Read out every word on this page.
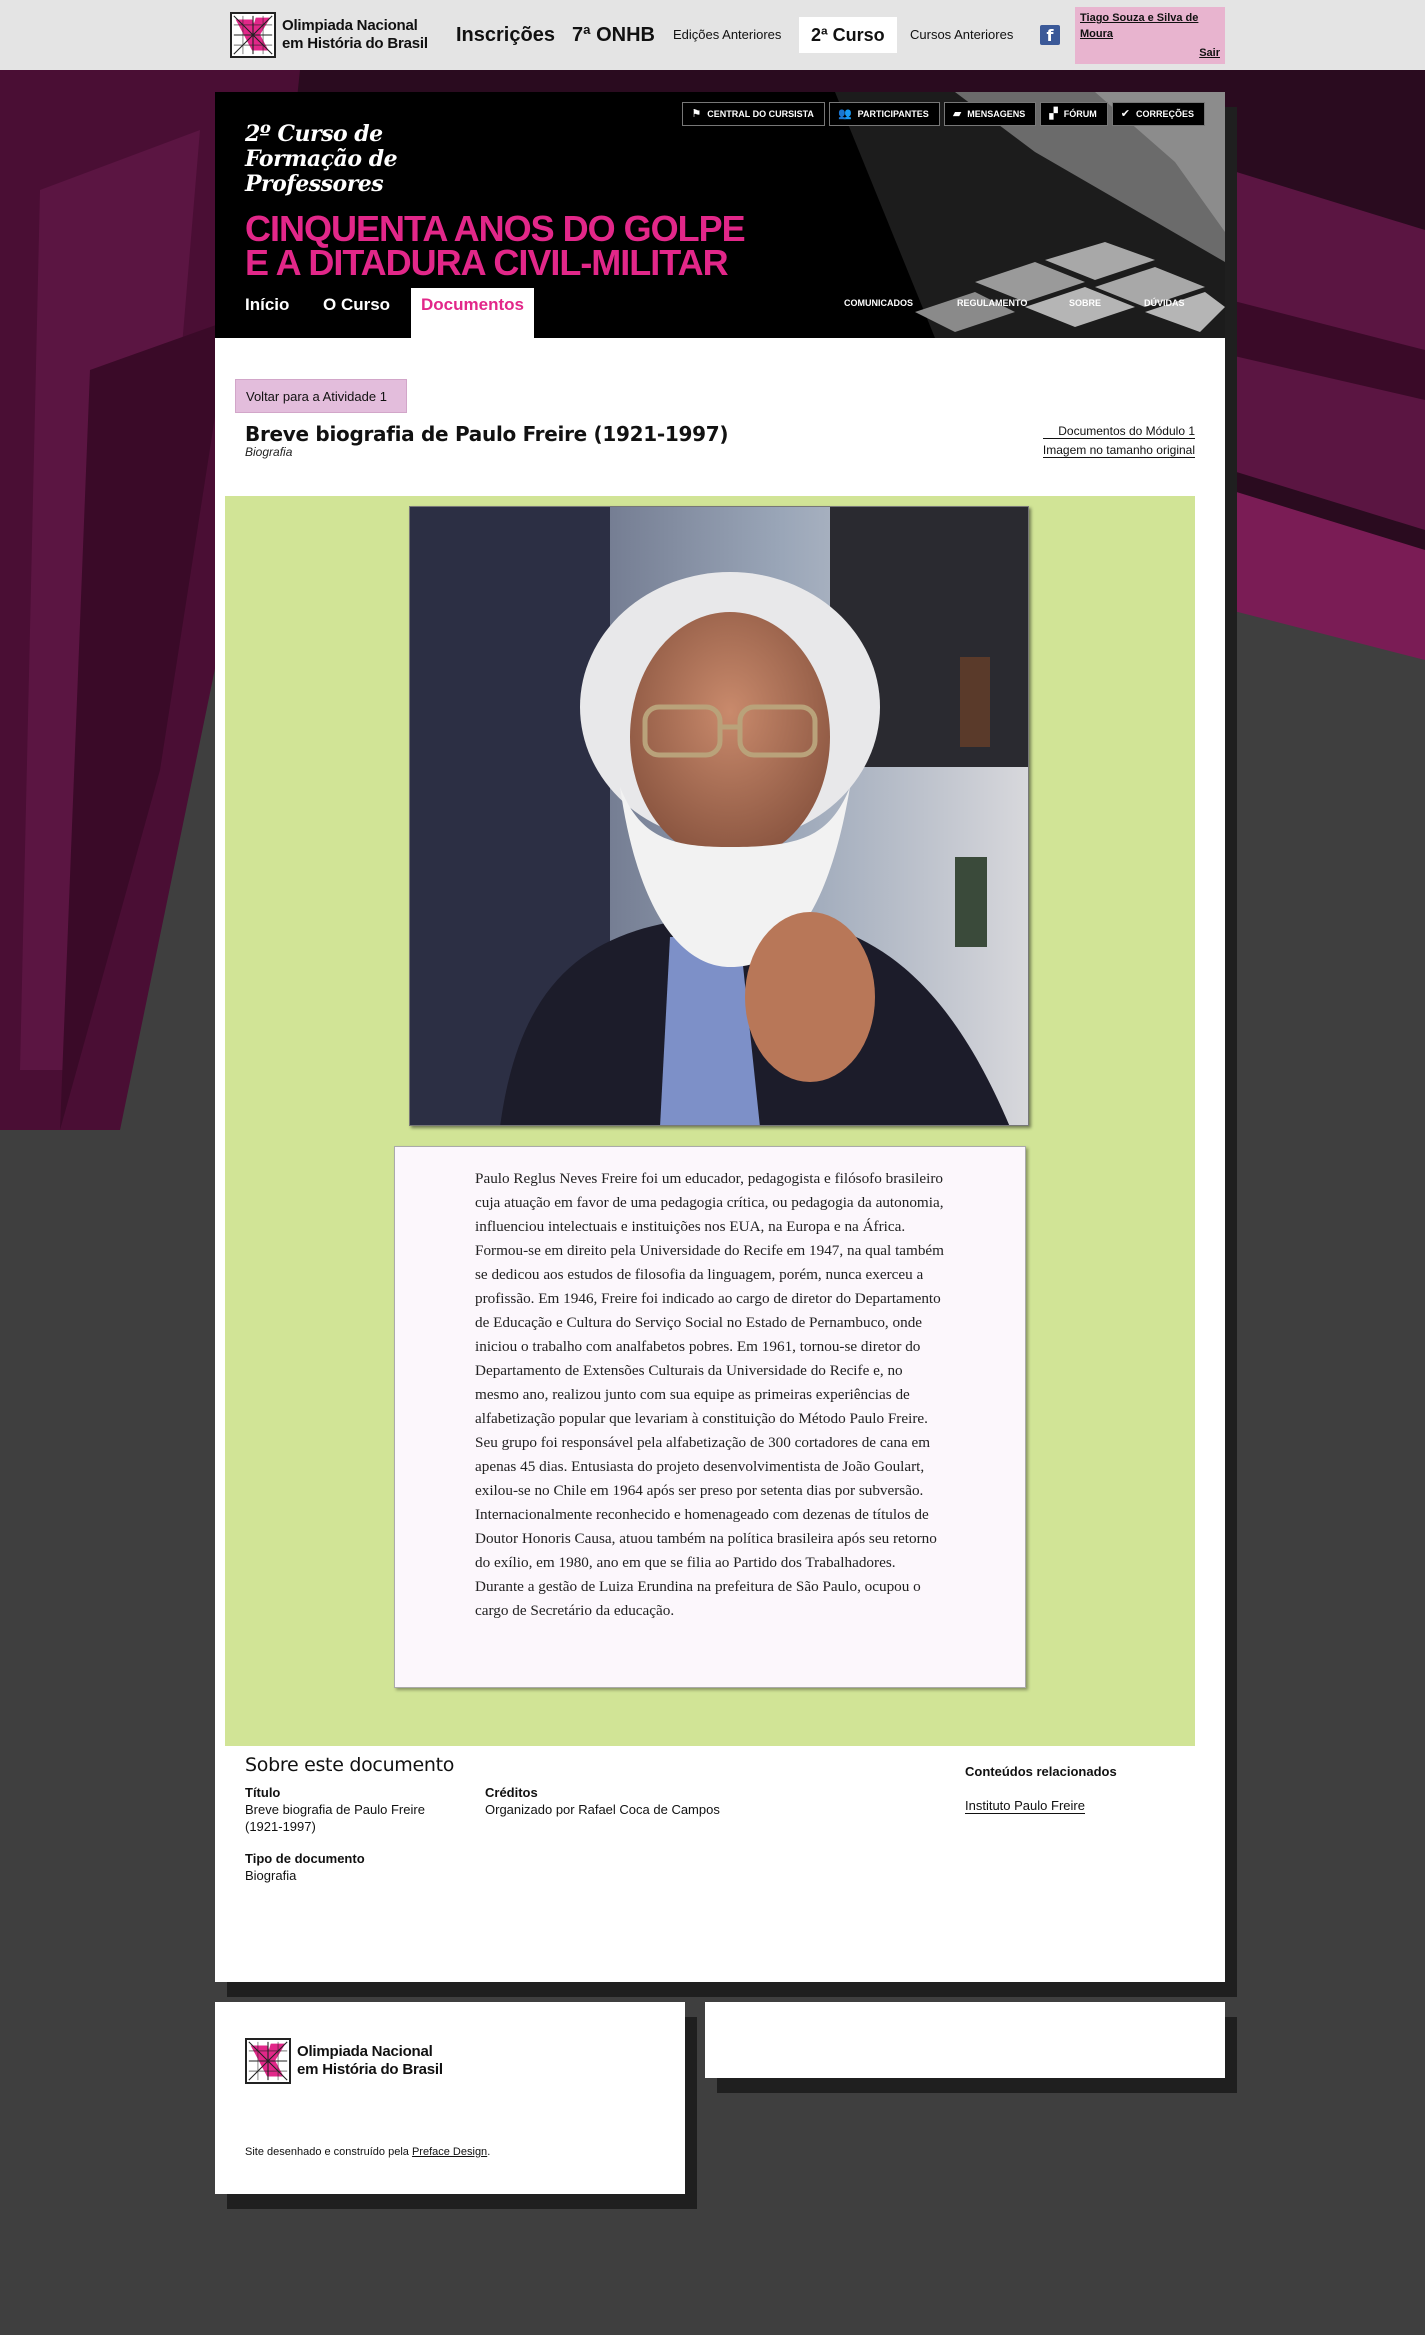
Olimpiada Nacional
em História do Brasil Inscrições 7ª ONHB Edições Anteriores	2ª Curso	Cursos Anteriores	f
Tiago Souza e Silva de Moura
Sair
⚑ CENTRAL DO CURSISTA 👥 PARTICIPANTES ▰ MENSAGENS ▞ FÓRUM ✔ CORREÇÕES
2º Curso de
Formação de
Professores
CINQUENTA ANOS DO GOLPE
E A DITADURA CIVIL-MILITAR
Início	O Curso	Documentos	COMUNICADOS	REGULAMENTO	SOBRE	DÚVIDAS
Voltar para a Atividade 1
Breve biografia de Paulo Freire (1921-1997)
Biografia
Documentos do Módulo 1
Imagem no tamanho original

Paulo Reglus Neves Freire foi um educador, pedagogista e filósofo brasileiro cuja atuação em favor de uma pedagogia crítica, ou pedagogia da autonomia, influenciou intelectuais e instituições nos EUA, na Europa e na África. Formou-se em direito pela Universidade do Recife em 1947, na qual também se dedicou aos estudos de filosofia da linguagem, porém, nunca exerceu a profissão. Em 1946, Freire foi indicado ao cargo de diretor do Departamento de Educação e Cultura do Serviço Social no Estado de Pernambuco, onde iniciou o trabalho com analfabetos pobres. Em 1961, tornou-se diretor do Departamento de Extensões Culturais da Universidade do Recife e, no mesmo ano, realizou junto com sua equipe as primeiras experiências de alfabetização popular que levariam à constituição do Método Paulo Freire. Seu grupo foi responsável pela alfabetização de 300 cortadores de cana em apenas 45 dias. Entusiasta do projeto desenvolvimentista de João Goulart, exilou-se no Chile em 1964 após ser preso por setenta dias por subversão. Internacionalmente reconhecido e homenageado com dezenas de títulos de Doutor Honoris Causa, atuou também na política brasileira após seu retorno do exílio, em 1980, ano em que se filia ao Partido dos Trabalhadores. Durante a gestão de Luiza Erundina na prefeitura de São Paulo, ocupou o cargo de Secretário da educação.

Sobre este documento
Título
Breve biografia de Paulo Freire (1921-1997)
Créditos
Organizado por Rafael Coca de Campos
Tipo de documento
Biografia
Conteúdos relacionados
Instituto Paulo Freire
Olimpiada Nacional
em História do Brasil
Site desenhado e construído pela Preface Design.
